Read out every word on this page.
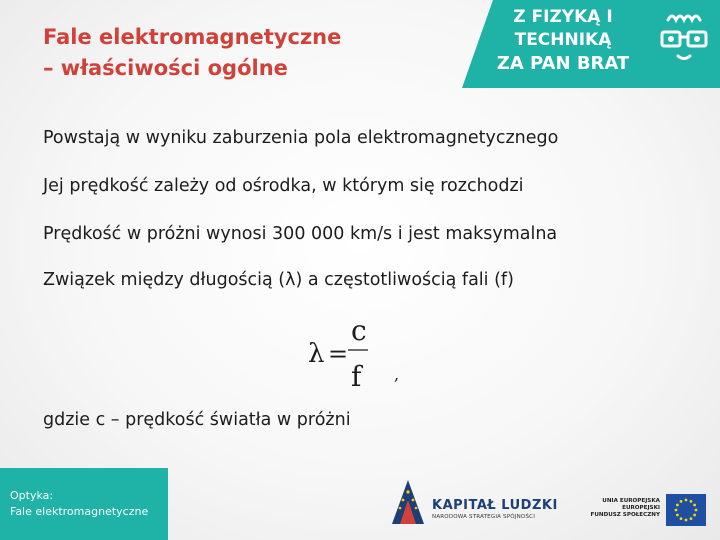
Z FIZYKĄ I TECHNIKĄ
ZA PAN BRAT
Fale elektromagnetyczne
– właściwości ogólne
Powstają w wyniku zaburzenia pola elektromagnetycznego
Jej prędkość zależy od ośrodka, w którym się rozchodzi
Prędkość w próżni wynosi 300 000 km/s i jest maksymalna
Związek między długością (λ) a częstotliwością fali (f)
λ =
c
f ,
gdzie c – prędkość światła w próżni
Optyka:
Fale elektromagnetyczne	KAPITAŁ LUDZKI
NARODOWA STRATEGIA SPÓJNOŚCI
UNIA EUROPEJSKA
EUROPEJSKI
FUNDUSZ SPOŁECZNY
